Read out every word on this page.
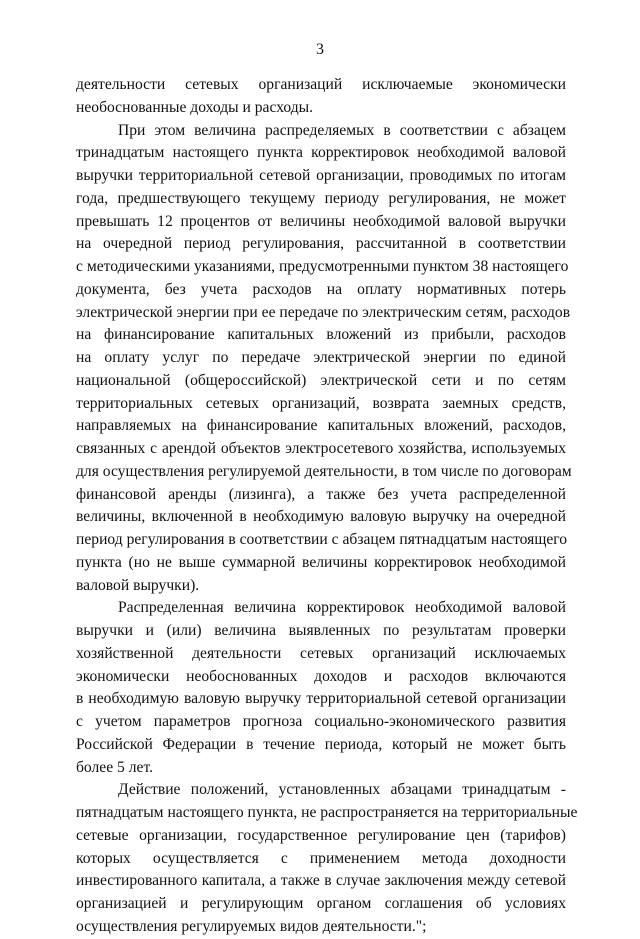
3
деятельности сетевых организаций исключаемые экономически
необоснованные доходы и расходы.
При этом величина распределяемых в соответствии с абзацем
тринадцатым настоящего пункта корректировок необходимой валовой
выручки территориальной сетевой организации, проводимых по итогам
года, предшествующего текущему периоду регулирования, не может
превышать 12 процентов от величины необходимой валовой выручки
на очередной период регулирования, рассчитанной в соответствии
с методическими указаниями, предусмотренными пунктом 38 настоящего
документа, без учета расходов на оплату нормативных потерь
электрической энергии при ее передаче по электрическим сетям, расходов
на финансирование капитальных вложений из прибыли, расходов
на оплату услуг по передаче электрической энергии по единой
национальной (общероссийской) электрической сети и по сетям
территориальных сетевых организаций, возврата заемных средств,
направляемых на финансирование капитальных вложений, расходов,
связанных с арендой объектов электросетевого хозяйства, используемых
для осуществления регулируемой деятельности, в том числе по договорам
финансовой аренды (лизинга), а также без учета распределенной
величины, включенной в необходимую валовую выручку на очередной
период регулирования в соответствии с абзацем пятнадцатым настоящего
пункта (но не выше суммарной величины корректировок необходимой
валовой выручки).
Распределенная величина корректировок необходимой валовой
выручки и (или) величина выявленных по результатам проверки
хозяйственной деятельности сетевых организаций исключаемых
экономически необоснованных доходов и расходов включаются
в необходимую валовую выручку территориальной сетевой организации
с учетом параметров прогноза социально-экономического развития
Российской Федерации в течение периода, который не может быть
более 5 лет.
Действие положений, установленных абзацами тринадцатым -
пятнадцатым настоящего пункта, не распространяется на территориальные
сетевые организации, государственное регулирование цен (тарифов)
которых осуществляется с применением метода доходности
инвестированного капитала, а также в случае заключения между сетевой
организацией и регулирующим органом соглашения об условиях
осуществления регулируемых видов деятельности.";
